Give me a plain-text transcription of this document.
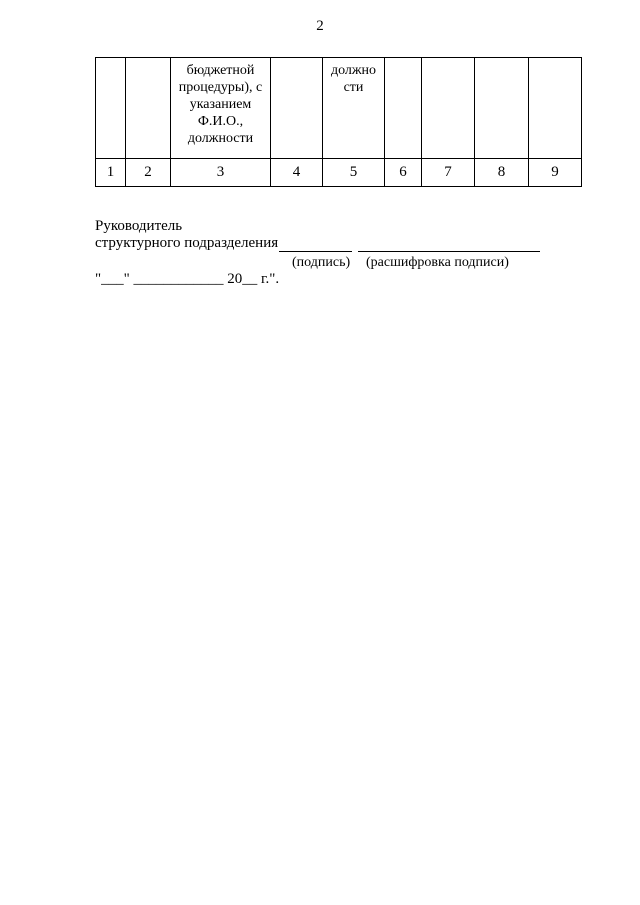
2
		бюджетной процедуры), с указанием Ф.И.О., должности		должно сти				
1	2	3	4	5	6	7	8	9
Руководитель
структурного подразделения
(подпись) (расшифровка подписи)
"___" ____________ 20__ г.".
